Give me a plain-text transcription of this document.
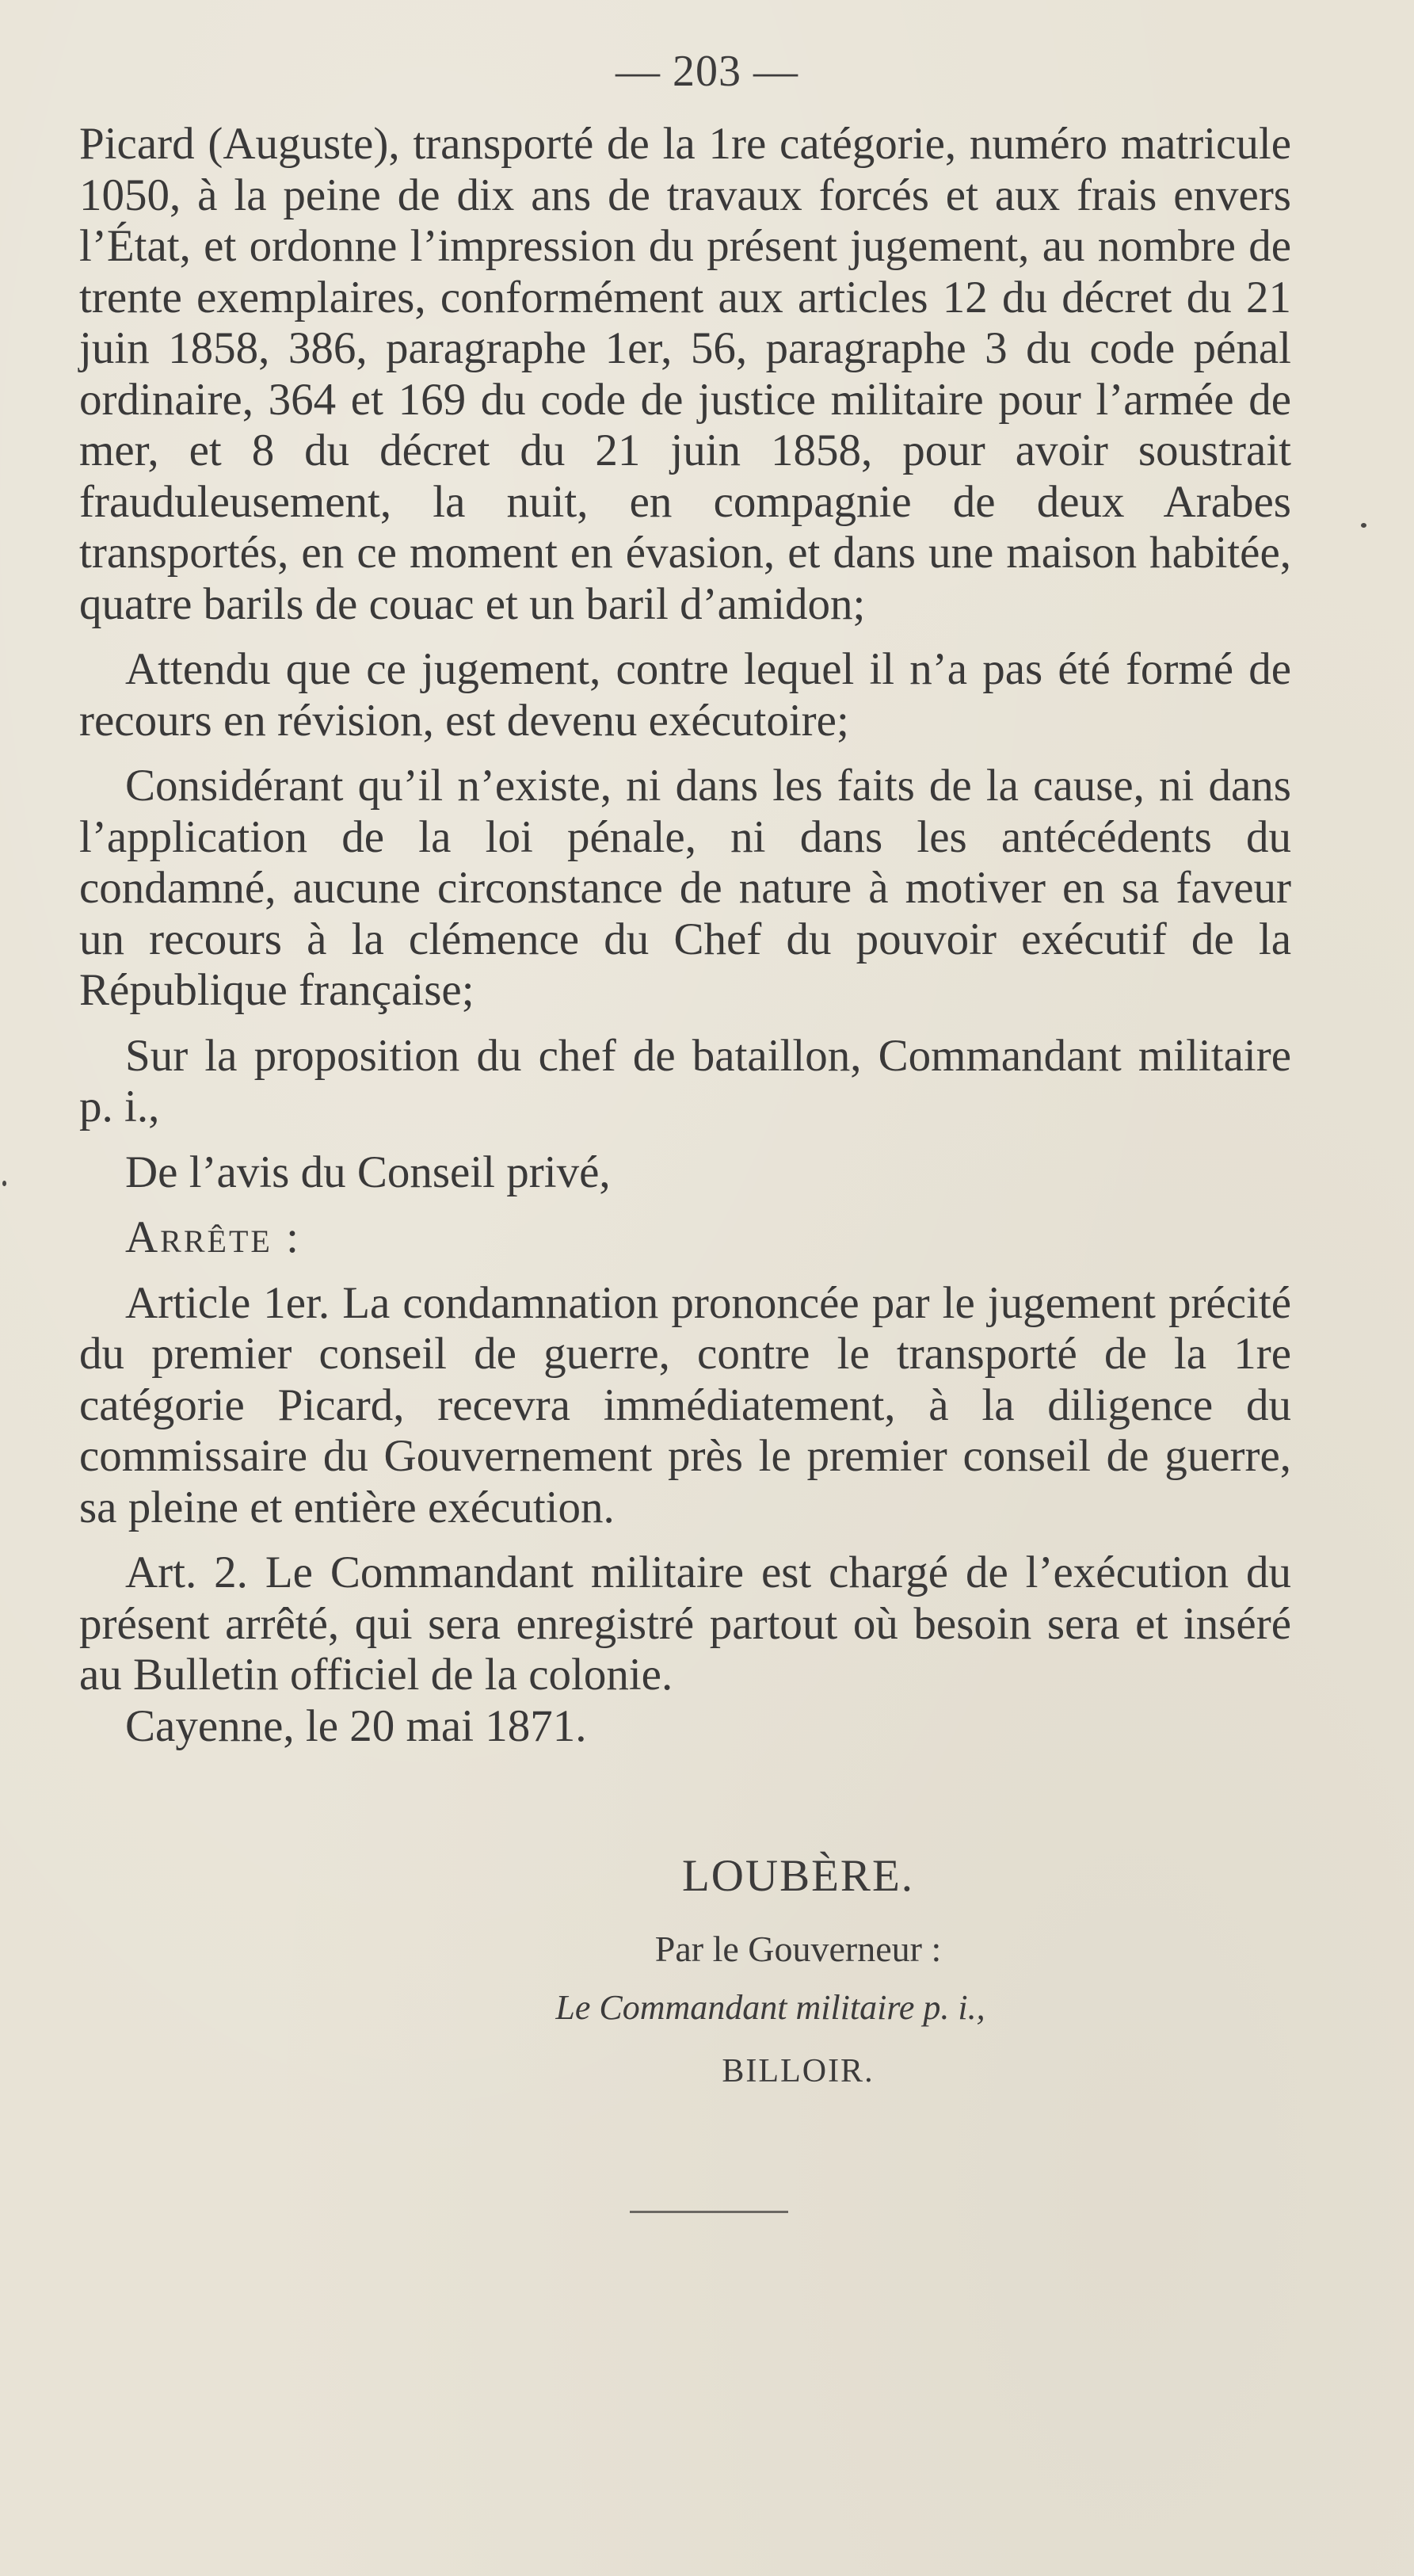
— 203 —

Picard (Auguste), transporté de la 1re catégorie, numéro matricule 1050, à la peine de dix ans de travaux forcés et aux frais envers l’État, et ordonne l’impression du présent jugement, au nombre de trente exemplaires, conformément aux articles 12 du décret du 21 juin 1858, 386, paragraphe 1er, 56, paragraphe 3 du code pénal ordinaire, 364 et 169 du code de justice militaire pour l’armée de mer, et 8 du décret du 21 juin 1858, pour avoir soustrait frauduleusement, la nuit, en compagnie de deux Arabes transportés, en ce moment en évasion, et dans une maison habitée, quatre barils de couac et un baril d’amidon;

Attendu que ce jugement, contre lequel il n’a pas été formé de recours en révision, est devenu exécutoire;

Considérant qu’il n’existe, ni dans les faits de la cause, ni dans l’application de la loi pénale, ni dans les antécédents du condamné, aucune circonstance de nature à motiver en sa faveur un recours à la clémence du Chef du pouvoir exécutif de la République française;

Sur la proposition du chef de bataillon, Commandant militaire p. i.,

De l’avis du Conseil privé,

Arrête :

Article 1er. La condamnation prononcée par le jugement précité du premier conseil de guerre, contre le transporté de la 1re catégorie Picard, recevra immédiatement, à la diligence du commissaire du Gouvernement près le premier conseil de guerre, sa pleine et entière exécution.

Art. 2. Le Commandant militaire est chargé de l’exécution du présent arrêté, qui sera enregistré partout où besoin sera et inséré au Bulletin officiel de la colonie.

Cayenne, le 20 mai 1871.

LOUBÈRE.
Par le Gouverneur :
Le Commandant militaire p. i.,
BILLOIR.
